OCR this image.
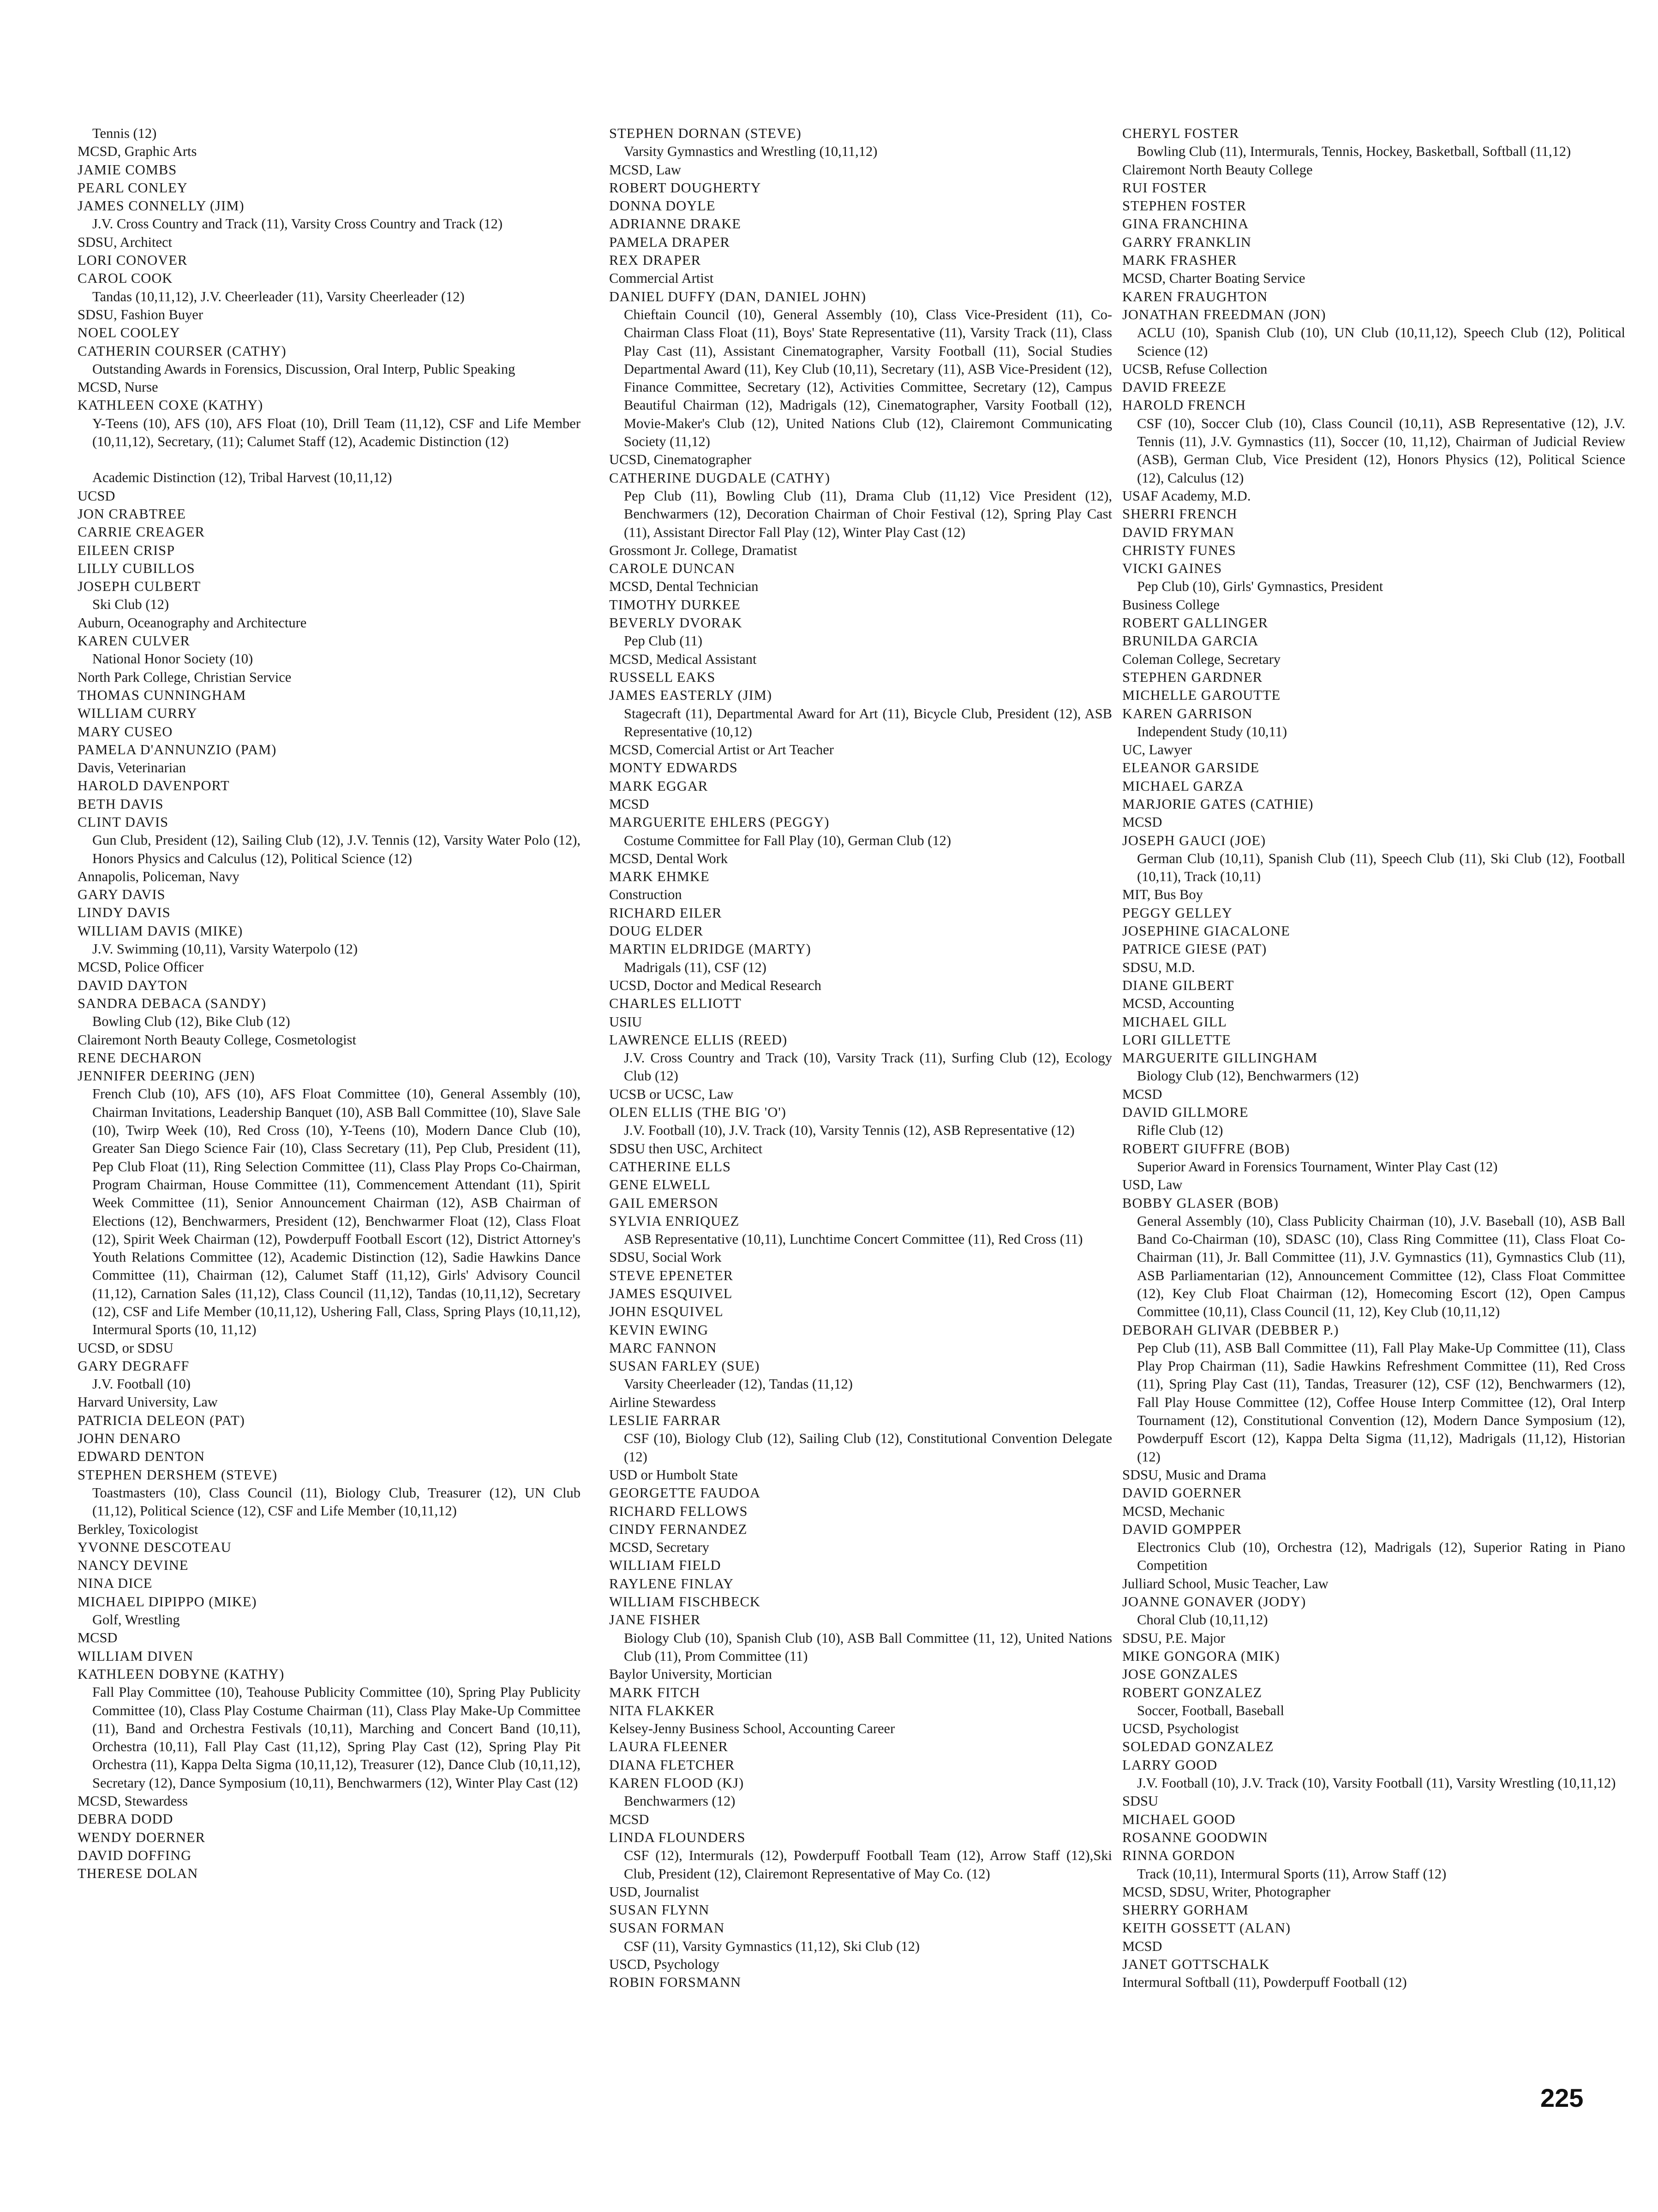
Tennis (12)
MCSD, Graphic Arts
JAMIE COMBS
PEARL CONLEY
JAMES CONNELLY (JIM)
J.V. Cross Country and Track (11), Varsity Cross Country and Track (12)
SDSU, Architect
LORI CONOVER
CAROL COOK
Tandas (10,11,12), J.V. Cheerleader (11), Varsity Cheerleader (12)
SDSU, Fashion Buyer
NOEL COOLEY
CATHERIN COURSER (CATHY)
Outstanding Awards in Forensics, Discussion, Oral Interp, Public Speaking
MCSD, Nurse
KATHLEEN COXE (KATHY)
Y-Teens (10), AFS (10), AFS Float (10), Drill Team (11,12), CSF and Life Member (10,11,12), Secretary, (11); Calumet Staff (12), Academic Distinction (12)
Academic Distinction (12), Tribal Harvest (10,11,12)
UCSD
JON CRABTREE
CARRIE CREAGER
EILEEN CRISP
LILLY CUBILLOS
JOSEPH CULBERT
Ski Club (12)
Auburn, Oceanography and Architecture
KAREN CULVER
National Honor Society (10)
North Park College, Christian Service
THOMAS CUNNINGHAM
WILLIAM CURRY
MARY CUSEO
PAMELA D'ANNUNZIO (PAM)
Davis, Veterinarian
HAROLD DAVENPORT
BETH DAVIS
CLINT DAVIS
Gun Club, President (12), Sailing Club (12), J.V. Tennis (12), Varsity Water Polo (12), Honors Physics and Calculus (12), Political Science (12)
Annapolis, Policeman, Navy
GARY DAVIS
LINDY DAVIS
WILLIAM DAVIS (MIKE)
J.V. Swimming (10,11), Varsity Waterpolo (12)
MCSD, Police Officer
DAVID DAYTON
SANDRA DEBACA (SANDY)
Bowling Club (12), Bike Club (12)
Clairemont North Beauty College, Cosmetologist
RENE DECHARON
JENNIFER DEERING (JEN)
French Club (10), AFS (10), AFS Float Committee (10), General Assembly (10), Chairman Invitations, Leadership Banquet (10), ASB Ball Committee (10), Slave Sale (10), Twirp Week (10), Red Cross (10), Y-Teens (10), Modern Dance Club (10), Greater San Diego Science Fair (10), Class Secretary (11), Pep Club, President (11), Pep Club Float (11), Ring Selection Committee (11), Class Play Props Co-Chairman, Program Chairman, House Committee (11), Commencement Attendant (11), Spirit Week Committee (11), Senior Announcement Chairman (12), ASB Chairman of Elections (12), Benchwarmers, President (12), Benchwarmer Float (12), Class Float (12), Spirit Week Chairman (12), Powderpuff Football Escort (12), District Attorney's Youth Relations Committee (12), Academic Distinction (12), Sadie Hawkins Dance Committee (11), Chairman (12), Calumet Staff (11,12), Girls' Advisory Council (11,12), Carnation Sales (11,12), Class Council (11,12), Tandas (10,11,12), Secretary (12), CSF and Life Member (10,11,12), Ushering Fall, Class, Spring Plays (10,11,12), Intermural Sports (10, 11,12)
UCSD, or SDSU
GARY DEGRAFF
J.V. Football (10)
Harvard University, Law
PATRICIA DELEON (PAT)
JOHN DENARO
EDWARD DENTON
STEPHEN DERSHEM (STEVE)
Toastmasters (10), Class Council (11), Biology Club, Treasurer (12), UN Club (11,12), Political Science (12), CSF and Life Member (10,11,12)
Berkley, Toxicologist
YVONNE DESCOTEAU
NANCY DEVINE
NINA DICE
MICHAEL DIPIPPO (MIKE)
Golf, Wrestling
MCSD
WILLIAM DIVEN
KATHLEEN DOBYNE (KATHY)
Fall Play Committee (10), Teahouse Publicity Committee (10), Spring Play Publicity Committee (10), Class Play Costume Chairman (11), Class Play Make-Up Committee (11), Band and Orchestra Festivals (10,11), Marching and Concert Band (10,11), Orchestra (10,11), Fall Play Cast (11,12), Spring Play Cast (12), Spring Play Pit Orchestra (11), Kappa Delta Sigma (10,11,12), Treasurer (12), Dance Club (10,11,12), Secretary (12), Dance Symposium (10,11), Benchwarmers (12), Winter Play Cast (12)
MCSD, Stewardess
DEBRA DODD
WENDY DOERNER
DAVID DOFFING
THERESE DOLAN
STEPHEN DORNAN (STEVE)
Varsity Gymnastics and Wrestling (10,11,12)
MCSD, Law
ROBERT DOUGHERTY
DONNA DOYLE
ADRIANNE DRAKE
PAMELA DRAPER
REX DRAPER
Commercial Artist
DANIEL DUFFY (DAN, DANIEL JOHN)
Chieftain Council (10), General Assembly (10), Class Vice-President (11), Co-Chairman Class Float (11), Boys' State Representative (11), Varsity Track (11), Class Play Cast (11), Assistant Cinematographer, Varsity Football (11), Social Studies Departmental Award (11), Key Club (10,11), Secretary (11), ASB Vice-President (12), Finance Committee, Secretary (12), Activities Committee, Secretary (12), Campus Beautiful Chairman (12), Madrigals (12), Cinematographer, Varsity Football (12), Movie-Maker's Club (12), United Nations Club (12), Clairemont Communicating Society (11,12)
UCSD, Cinematographer
CATHERINE DUGDALE (CATHY)
Pep Club (11), Bowling Club (11), Drama Club (11,12) Vice President (12), Benchwarmers (12), Decoration Chairman of Choir Festival (12), Spring Play Cast (11), Assistant Director Fall Play (12), Winter Play Cast (12)
Grossmont Jr. College, Dramatist
CAROLE DUNCAN
MCSD, Dental Technician
TIMOTHY DURKEE
BEVERLY DVORAK
Pep Club (11)
MCSD, Medical Assistant
RUSSELL EAKS
JAMES EASTERLY (JIM)
Stagecraft (11), Departmental Award for Art (11), Bicycle Club, President (12), ASB Representative (10,12)
MCSD, Comercial Artist or Art Teacher
MONTY EDWARDS
MARK EGGAR
MCSD
MARGUERITE EHLERS (PEGGY)
Costume Committee for Fall Play (10), German Club (12)
MCSD, Dental Work
MARK EHMKE
Construction
RICHARD EILER
DOUG ELDER
MARTIN ELDRIDGE (MARTY)
Madrigals (11), CSF (12)
UCSD, Doctor and Medical Research
CHARLES ELLIOTT
USIU
LAWRENCE ELLIS (REED)
J.V. Cross Country and Track (10), Varsity Track (11), Surfing Club (12), Ecology Club (12)
UCSB or UCSC, Law
OLEN ELLIS (THE BIG 'O')
J.V. Football (10), J.V. Track (10), Varsity Tennis (12), ASB Representative (12)
SDSU then USC, Architect
CATHERINE ELLS
GENE ELWELL
GAIL EMERSON
SYLVIA ENRIQUEZ
ASB Representative (10,11), Lunchtime Concert Committee (11), Red Cross (11)
SDSU, Social Work
STEVE EPENETER
JAMES ESQUIVEL
JOHN ESQUIVEL
KEVIN EWING
MARC FANNON
SUSAN FARLEY (SUE)
Varsity Cheerleader (12), Tandas (11,12)
Airline Stewardess
LESLIE FARRAR
CSF (10), Biology Club (12), Sailing Club (12), Constitutional Convention Delegate (12)
USD or Humbolt State
GEORGETTE FAUDOA
RICHARD FELLOWS
CINDY FERNANDEZ
MCSD, Secretary
WILLIAM FIELD
RAYLENE FINLAY
WILLIAM FISCHBECK
JANE FISHER
Biology Club (10), Spanish Club (10), ASB Ball Committee (11, 12), United Nations Club (11), Prom Committee (11)
Baylor University, Mortician
MARK FITCH
NITA FLAKKER
Kelsey-Jenny Business School, Accounting Career
LAURA FLEENER
DIANA FLETCHER
KAREN FLOOD (KJ)
Benchwarmers (12)
MCSD
LINDA FLOUNDERS
CSF (12), Intermurals (12), Powderpuff Football Team (12), Arrow Staff (12),Ski Club, President (12), Clairemont Representative of May Co. (12)
USD, Journalist
SUSAN FLYNN
SUSAN FORMAN
CSF (11), Varsity Gymnastics (11,12), Ski Club (12)
USCD, Psychology
ROBIN FORSMANN
CHERYL FOSTER
Bowling Club (11), Intermurals, Tennis, Hockey, Basketball, Softball (11,12)
Clairemont North Beauty College
RUI FOSTER
STEPHEN FOSTER
GINA FRANCHINA
GARRY FRANKLIN
MARK FRASHER
MCSD, Charter Boating Service
KAREN FRAUGHTON
JONATHAN FREEDMAN (JON)
ACLU (10), Spanish Club (10), UN Club (10,11,12), Speech Club (12), Political Science (12)
UCSB, Refuse Collection
DAVID FREEZE
HAROLD FRENCH
CSF (10), Soccer Club (10), Class Council (10,11), ASB Representative (12), J.V. Tennis (11), J.V. Gymnastics (11), Soccer (10, 11,12), Chairman of Judicial Review (ASB), German Club, Vice President (12), Honors Physics (12), Political Science (12), Calculus (12)
USAF Academy, M.D.
SHERRI FRENCH
DAVID FRYMAN
CHRISTY FUNES
VICKI GAINES
Pep Club (10), Girls' Gymnastics, President
Business College
ROBERT GALLINGER
BRUNILDA GARCIA
Coleman College, Secretary
STEPHEN GARDNER
MICHELLE GAROUTTE
KAREN GARRISON
Independent Study (10,11)
UC, Lawyer
ELEANOR GARSIDE
MICHAEL GARZA
MARJORIE GATES (CATHIE)
MCSD
JOSEPH GAUCI (JOE)
German Club (10,11), Spanish Club (11), Speech Club (11), Ski Club (12), Football (10,11), Track (10,11)
MIT, Bus Boy
PEGGY GELLEY
JOSEPHINE GIACALONE
PATRICE GIESE (PAT)
SDSU, M.D.
DIANE GILBERT
MCSD, Accounting
MICHAEL GILL
LORI GILLETTE
MARGUERITE GILLINGHAM
Biology Club (12), Benchwarmers (12)
MCSD
DAVID GILLMORE
Rifle Club (12)
ROBERT GIUFFRE (BOB)
Superior Award in Forensics Tournament, Winter Play Cast (12)
USD, Law
BOBBY GLASER (BOB)
General Assembly (10), Class Publicity Chairman (10), J.V. Baseball (10), ASB Ball Band Co-Chairman (10), SDASC (10), Class Ring Committee (11), Class Float Co-Chairman (11), Jr. Ball Committee (11), J.V. Gymnastics (11), Gymnastics Club (11), ASB Parliamentarian (12), Announcement Committee (12), Class Float Committee (12), Key Club Float Chairman (12), Homecoming Escort (12), Open Campus Committee (10,11), Class Council (11, 12), Key Club (10,11,12)
DEBORAH GLIVAR (DEBBER P.)
Pep Club (11), ASB Ball Committee (11), Fall Play Make-Up Committee (11), Class Play Prop Chairman (11), Sadie Hawkins Refreshment Committee (11), Red Cross (11), Spring Play Cast (11), Tandas, Treasurer (12), CSF (12), Benchwarmers (12), Fall Play House Committee (12), Coffee House Interp Committee (12), Oral Interp Tournament (12), Constitutional Convention (12), Modern Dance Symposium (12), Powderpuff Escort (12), Kappa Delta Sigma (11,12), Madrigals (11,12), Historian (12)
SDSU, Music and Drama
DAVID GOERNER
MCSD, Mechanic
DAVID GOMPPER
Electronics Club (10), Orchestra (12), Madrigals (12), Superior Rating in Piano Competition
Julliard School, Music Teacher, Law
JOANNE GONAVER (JODY)
Choral Club (10,11,12)
SDSU, P.E. Major
MIKE GONGORA (MIK)
JOSE GONZALES
ROBERT GONZALEZ
Soccer, Football, Baseball
UCSD, Psychologist
SOLEDAD GONZALEZ
LARRY GOOD
J.V. Football (10), J.V. Track (10), Varsity Football (11), Varsity Wrestling (10,11,12)
SDSU
MICHAEL GOOD
ROSANNE GOODWIN
RINNA GORDON
Track (10,11), Intermural Sports (11), Arrow Staff (12)
MCSD, SDSU, Writer, Photographer
SHERRY GORHAM
KEITH GOSSETT (ALAN)
MCSD
JANET GOTTSCHALK
Intermural Softball (11), Powderpuff Football (12)
225
